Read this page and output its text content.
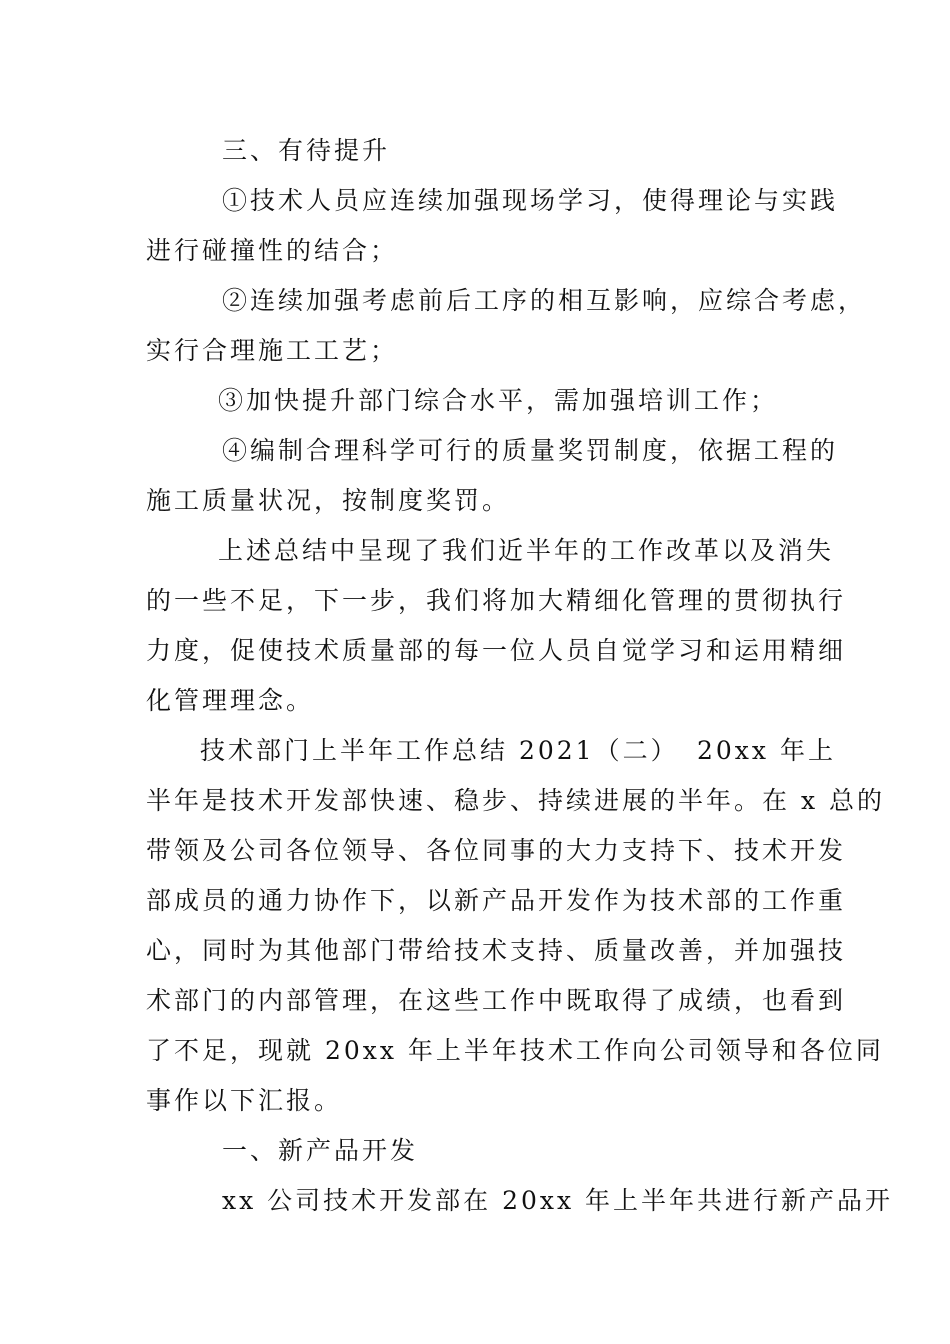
三、有待提升
①技术人员应连续加强现场学习，使得理论与实践
进行碰撞性的结合；
②连续加强考虑前后工序的相互影响，应综合考虑，
实行合理施工工艺；
③加快提升部门综合水平，需加强培训工作；
④编制合理科学可行的质量奖罚制度，依据工程的
施工质量状况，按制度奖罚。
上述总结中呈现了我们近半年的工作改革以及消失
的一些不足，下一步，我们将加大精细化管理的贯彻执行
力度，促使技术质量部的每一位人员自觉学习和运用精细
化管理理念。
技术部门上半年工作总结 2021（二） 20xx 年上
半年是技术开发部快速、稳步、持续进展的半年。在 x 总的
带领及公司各位领导、各位同事的大力支持下、技术开发
部成员的通力协作下，以新产品开发作为技术部的工作重
心，同时为其他部门带给技术支持、质量改善，并加强技
术部门的内部管理，在这些工作中既取得了成绩，也看到
了不足，现就 20xx 年上半年技术工作向公司领导和各位同
事作以下汇报。
一、新产品开发
xx 公司技术开发部在 20xx 年上半年共进行新产品开
